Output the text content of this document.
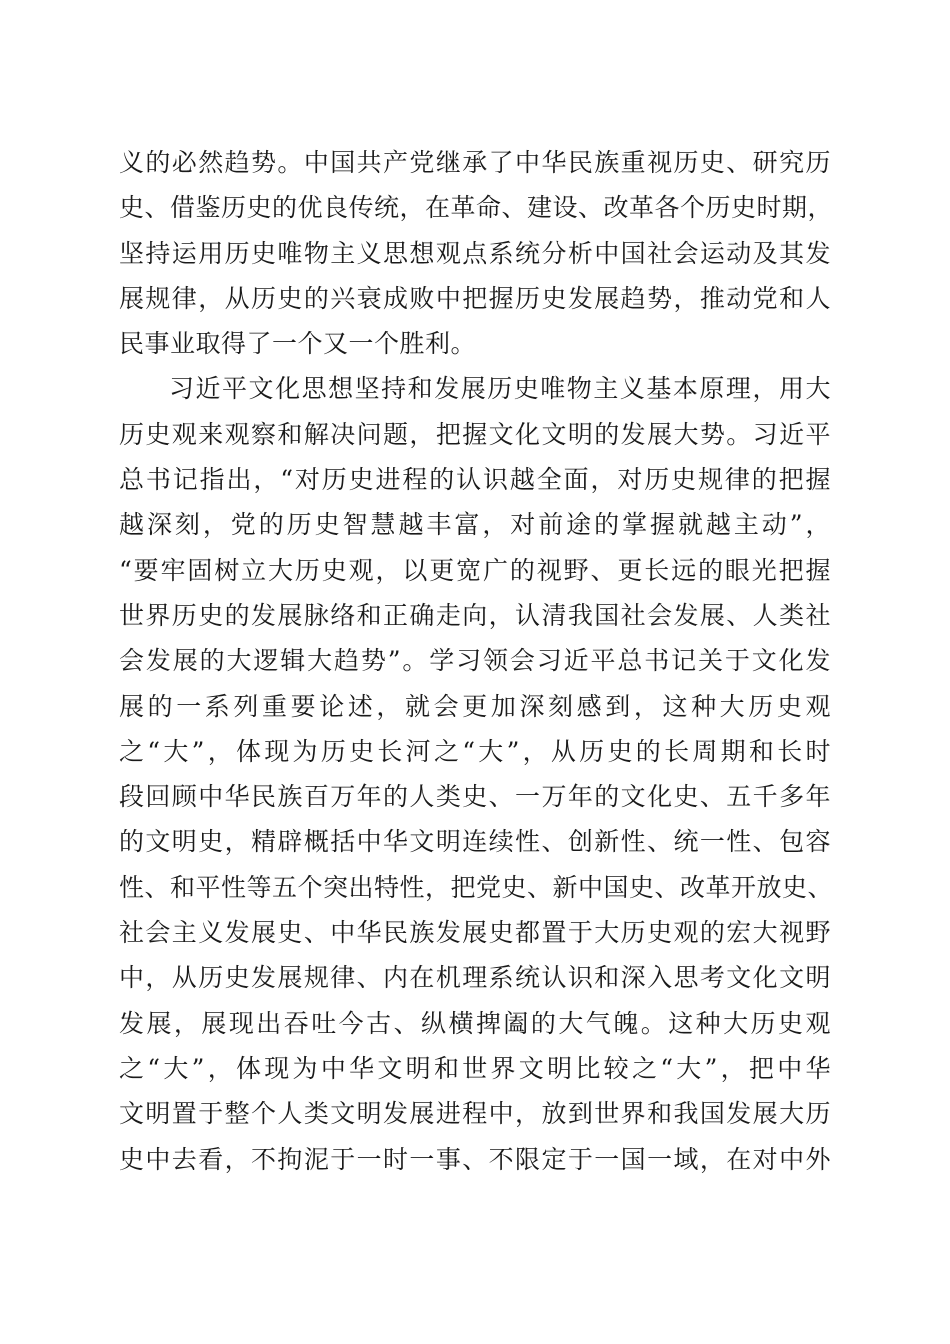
义的必然趋势。中国共产党继承了中华民族重视历史、研究历
史、借鉴历史的优良传统，在革命、建设、改革各个历史时期，
坚持运用历史唯物主义思想观点系统分析中国社会运动及其发
展规律，从历史的兴衰成败中把握历史发展趋势，推动党和人
民事业取得了一个又一个胜利。
习近平文化思想坚持和发展历史唯物主义基本原理，用大
历史观来观察和解决问题，把握文化文明的发展大势。习近平
总书记指出，“对历史进程的认识越全面，对历史规律的把握
越深刻，党的历史智慧越丰富，对前途的掌握就越主动”，
“要牢固树立大历史观，以更宽广的视野、更长远的眼光把握
世界历史的发展脉络和正确走向，认清我国社会发展、人类社
会发展的大逻辑大趋势”。学习领会习近平总书记关于文化发
展的一系列重要论述，就会更加深刻感到，这种大历史观
之“大”，体现为历史长河之“大”，从历史的长周期和长时
段回顾中华民族百万年的人类史、一万年的文化史、五千多年
的文明史，精辟概括中华文明连续性、创新性、统一性、包容
性、和平性等五个突出特性，把党史、新中国史、改革开放史、
社会主义发展史、中华民族发展史都置于大历史观的宏大视野
中，从历史发展规律、内在机理系统认识和深入思考文化文明
发展，展现出吞吐今古、纵横捭阖的大气魄。这种大历史观
之“大”，体现为中华文明和世界文明比较之“大”，把中华
文明置于整个人类文明发展进程中，放到世界和我国发展大历
史中去看，不拘泥于一时一事、不限定于一国一域，在对中外
